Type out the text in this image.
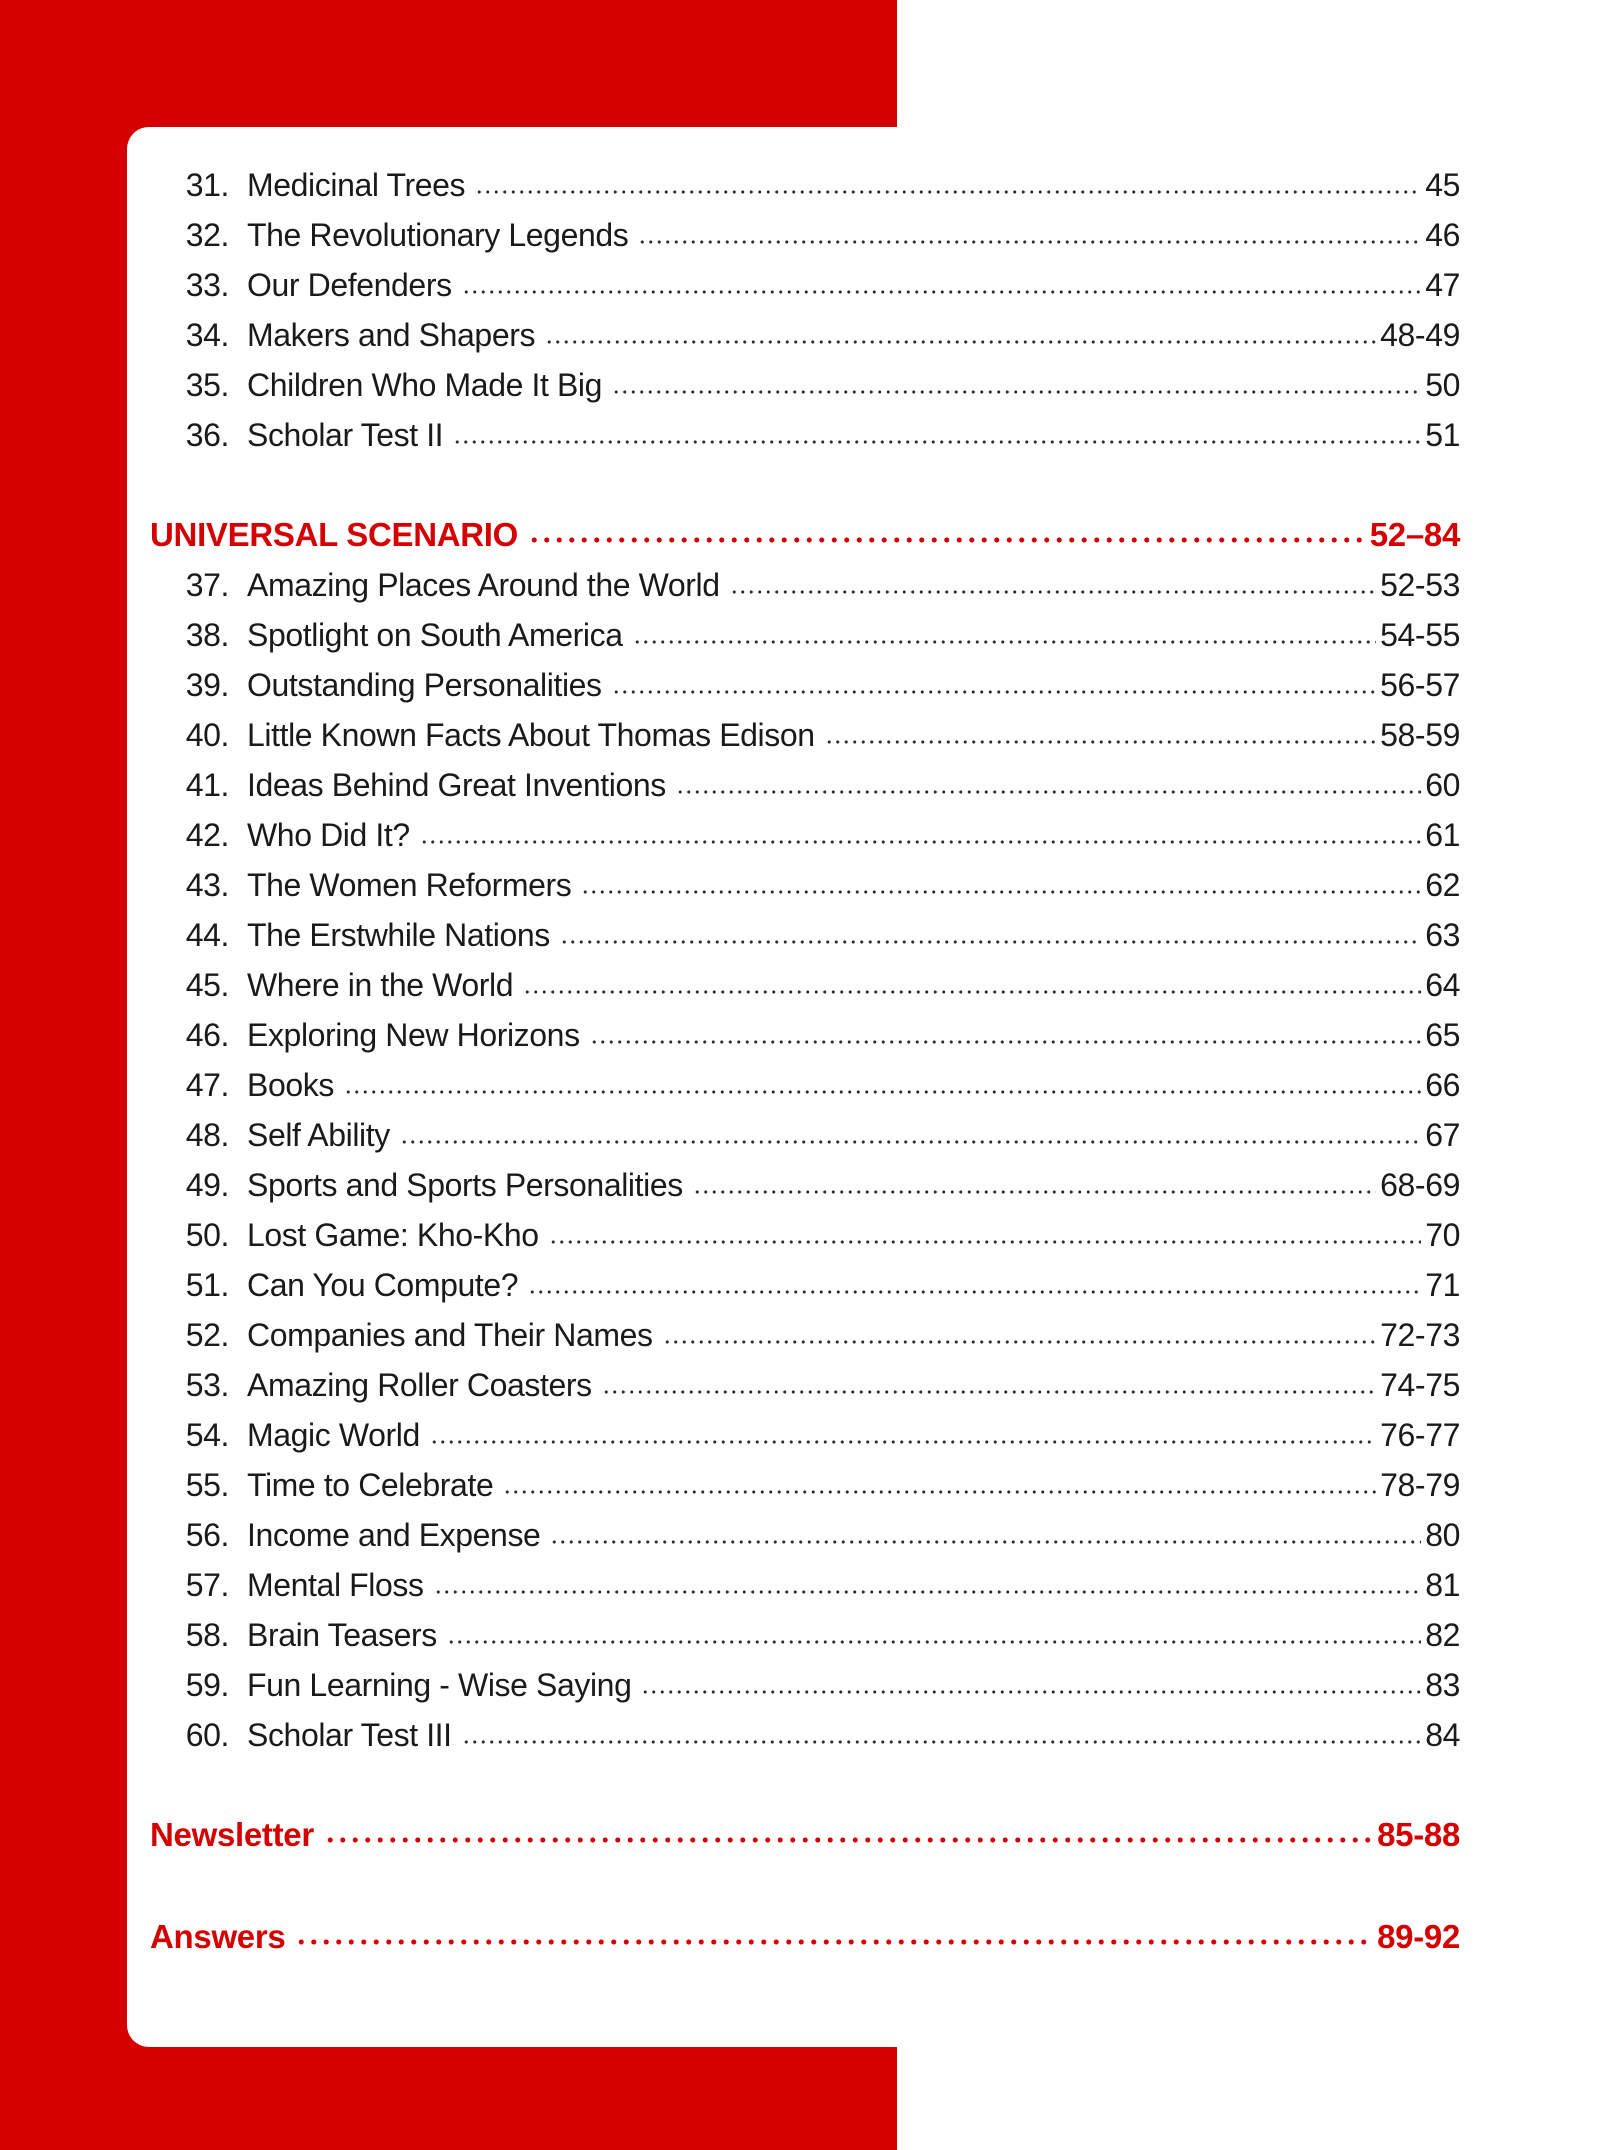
31. Medicinal Trees	45
32. The Revolutionary Legends	46
33. Our Defenders	47
34. Makers and Shapers	48-49
35. Children Who Made It Big	50
36. Scholar Test II	51
UNIVERSAL SCENARIO	52–84
37. Amazing Places Around the World	52-53
38. Spotlight on South America	54-55
39. Outstanding Personalities	56-57
40. Little Known Facts About Thomas Edison	58-59
41. Ideas Behind Great Inventions	60
42. Who Did It?	61
43. The Women Reformers	62
44. The Erstwhile Nations	63
45. Where in the World	64
46. Exploring New Horizons	65
47. Books	66
48. Self Ability	67
49. Sports and Sports Personalities	68-69
50. Lost Game: Kho-Kho	70
51. Can You Compute?	71
52. Companies and Their Names	72-73
53. Amazing Roller Coasters	74-75
54. Magic World	76-77
55. Time to Celebrate	78-79
56. Income and Expense	80
57. Mental Floss	81
58. Brain Teasers	82
59. Fun Learning - Wise Saying	83
60. Scholar Test III	84
Newsletter	85-88
Answers	89-92
